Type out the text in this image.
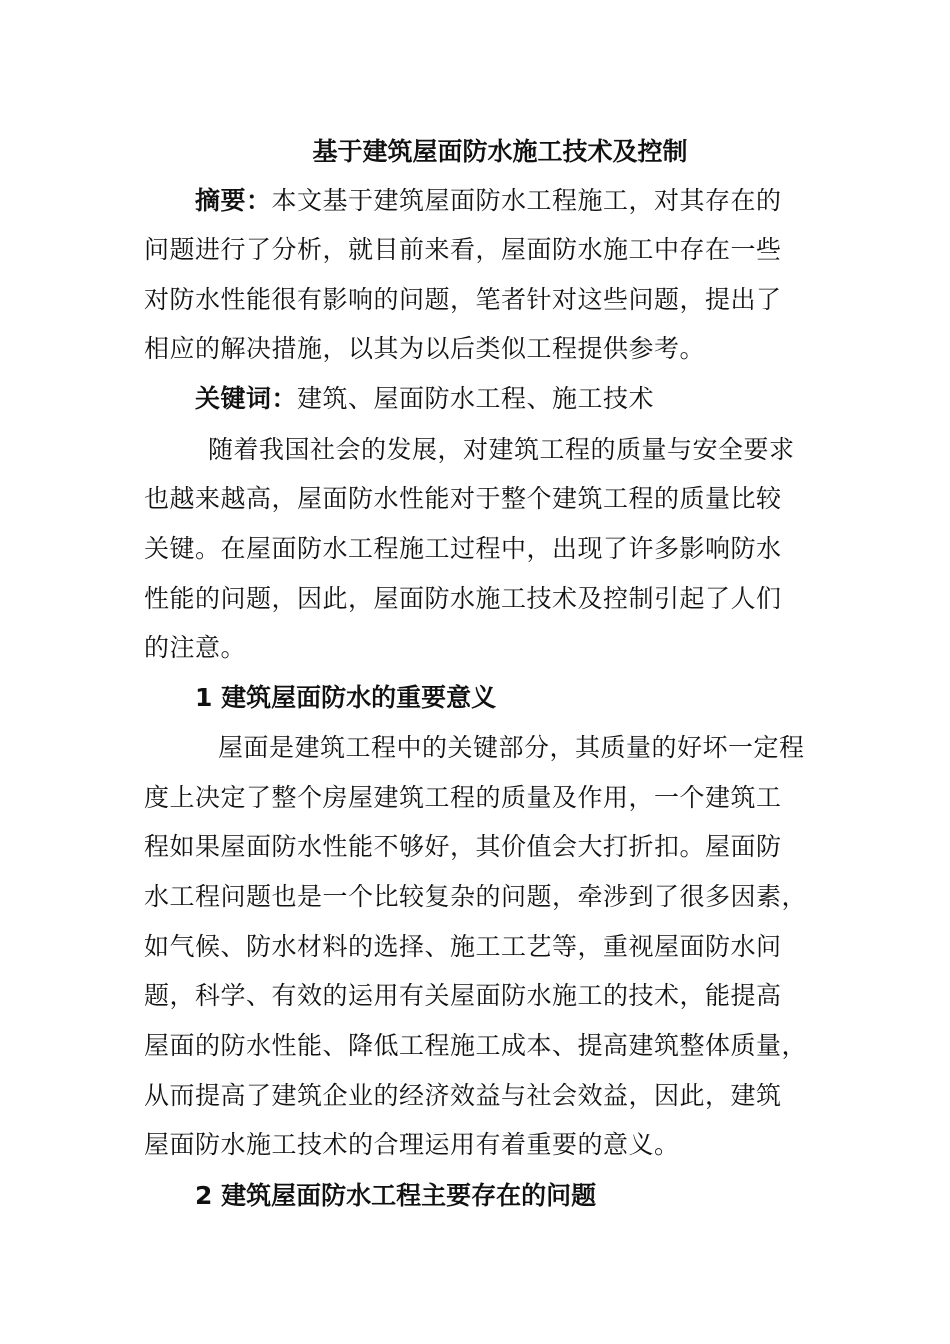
基于建筑屋面防水施工技术及控制
摘要：本文基于建筑屋面防水工程施工，对其存在的
问题进行了分析，就目前来看，屋面防水施工中存在一些
对防水性能很有影响的问题，笔者针对这些问题，提出了
相应的解决措施，以其为以后类似工程提供参考。
关键词：建筑、屋面防水工程、施工技术
随着我国社会的发展，对建筑工程的质量与安全要求
也越来越高，屋面防水性能对于整个建筑工程的质量比较
关键。在屋面防水工程施工过程中，出现了许多影响防水
性能的问题，因此，屋面防水施工技术及控制引起了人们
的注意。
1 建筑屋面防水的重要意义
屋面是建筑工程中的关键部分，其质量的好坏一定程
度上决定了整个房屋建筑工程的质量及作用，一个建筑工
程如果屋面防水性能不够好，其价值会大打折扣。屋面防
水工程问题也是一个比较复杂的问题，牵涉到了很多因素，
如气候、防水材料的选择、施工工艺等，重视屋面防水问
题，科学、有效的运用有关屋面防水施工的技术，能提高
屋面的防水性能、降低工程施工成本、提高建筑整体质量，
从而提高了建筑企业的经济效益与社会效益，因此，建筑
屋面防水施工技术的合理运用有着重要的意义。
2 建筑屋面防水工程主要存在的问题
